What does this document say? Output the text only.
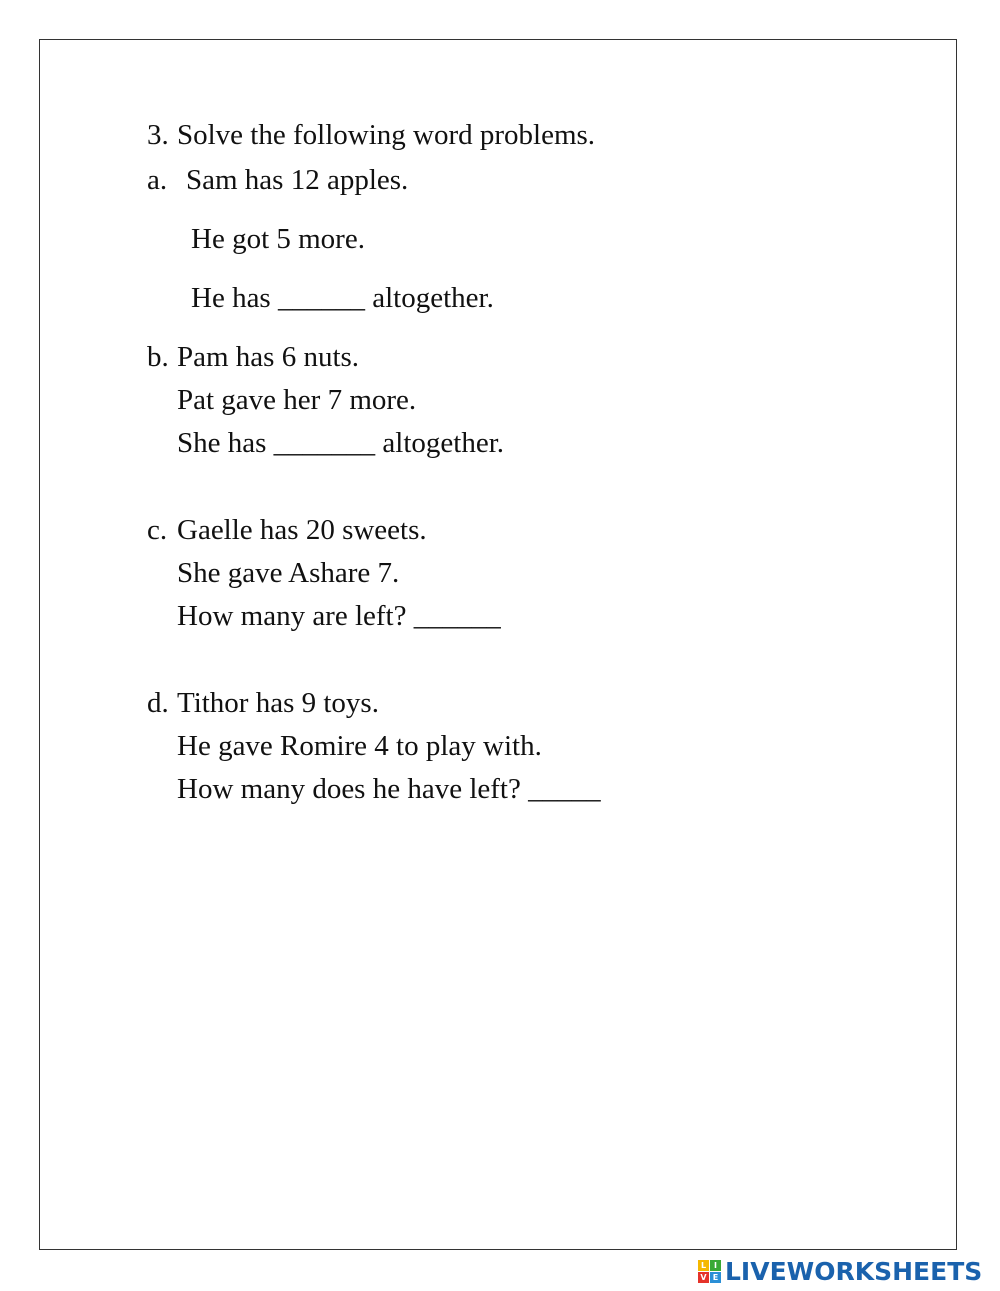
3. Solve the following word problems.
a. Sam has 12 apples.
He got 5 more.
He has ______ altogether.
b. Pam has 6 nuts.
Pat gave her 7 more.
She has _______ altogether.
c. Gaelle has 20 sweets.
She gave Ashare 7.
How many are left? ______
d. Tithor has 9 toys.
He gave Romire 4 to play with.
How many does he have left? _____
L I
V E LIVEWORKSHEETS
